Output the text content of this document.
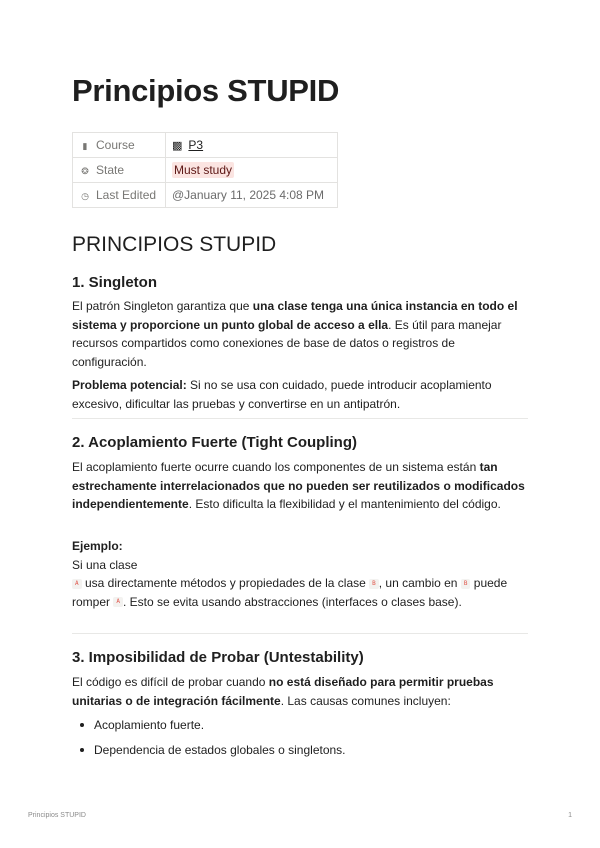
Principios STUPID
▮ Course	▩ P3
❂ State	Must study
◷ Last Edited	@January 11, 2025 4:08 PM
PRINCIPIOS STUPID
1. Singleton

El patrón Singleton garantiza que una clase tenga una única instancia en todo el sistema y proporcione un punto global de acceso a ella. Es útil para manejar recursos compartidos como conexiones de base de datos o registros de configuración.

Problema potencial: Si no se usa con cuidado, puede introducir acoplamiento excesivo, dificultar las pruebas y convertirse en un antipatrón.

2. Acoplamiento Fuerte (Tight Coupling)

El acoplamiento fuerte ocurre cuando los componentes de un sistema están tan estrechamente interrelacionados que no pueden ser reutilizados o modificados independientemente. Esto dificulta la flexibilidad y el mantenimiento del código.

Ejemplo:
Si una clase
A usa directamente métodos y propiedades de la clase B , un cambio en B puede romper A . Esto se evita usando abstracciones (interfaces o clases base).

3. Imposibilidad de Probar (Untestability)

El código es difícil de probar cuando no está diseñado para permitir pruebas unitarias o de integración fácilmente. Las causas comunes incluyen:

Acoplamiento fuerte.
Dependencia de estados globales o singletons.
Principios STUPID	1
